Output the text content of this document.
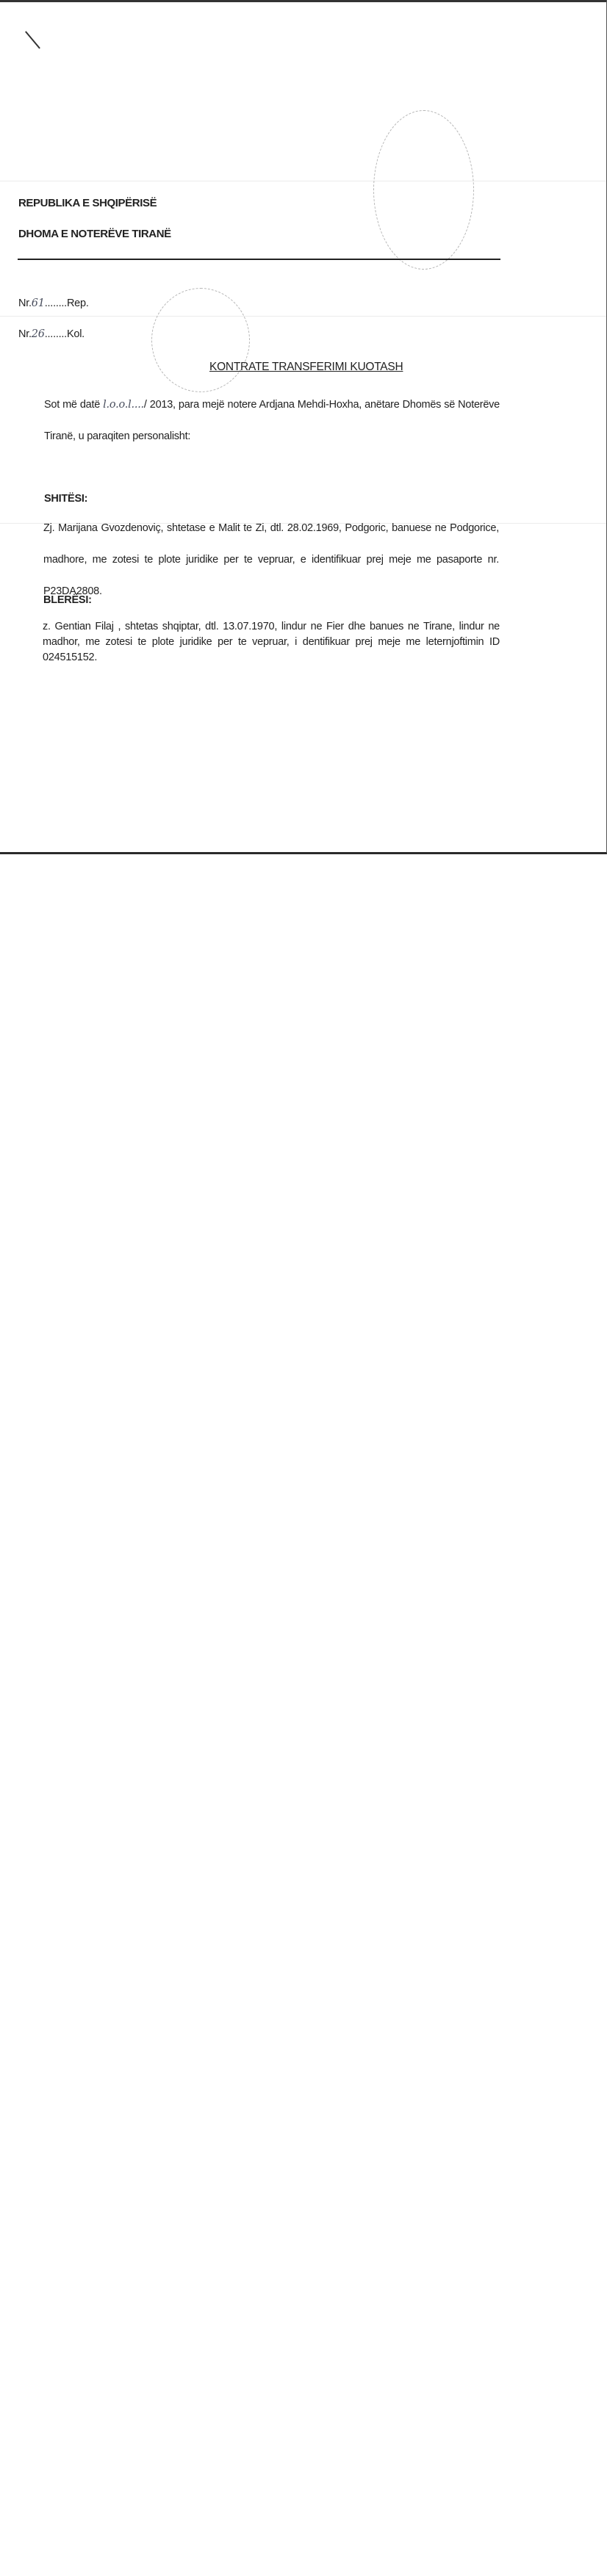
REPUBLIKA E SHQIPËRISË
DHOMA E NOTERËVE TIRANË
Nr.61........Rep.
Nr.26........Kol.
KONTRATE TRANSFERIMI KUOTASH
Sot më datë l.o.o.l..../ 2013, para mejë notere Ardjana Mehdi-Hoxha, anëtare Dhomës së Noterëve Tiranë, u paraqiten personalisht:
SHITËSI:
Zj. Marijana Gvozdenoviç, shtetase e Malit te Zi, dtl. 28.02.1969, Podgoric, banuese ne Podgorice, madhore, me zotesi te plote juridike per te vepruar, e identifikuar prej meje me pasaporte nr. P23DA2808.
BLERËSI:
z. Gentian Filaj , shtetas shqiptar, dtl. 13.07.1970, lindur ne Fier dhe banues ne Tirane, lindur ne madhor, me zotesi te plote juridike per te vepruar, i dentifikuar prej meje me leternjoftimin ID 024515152.
